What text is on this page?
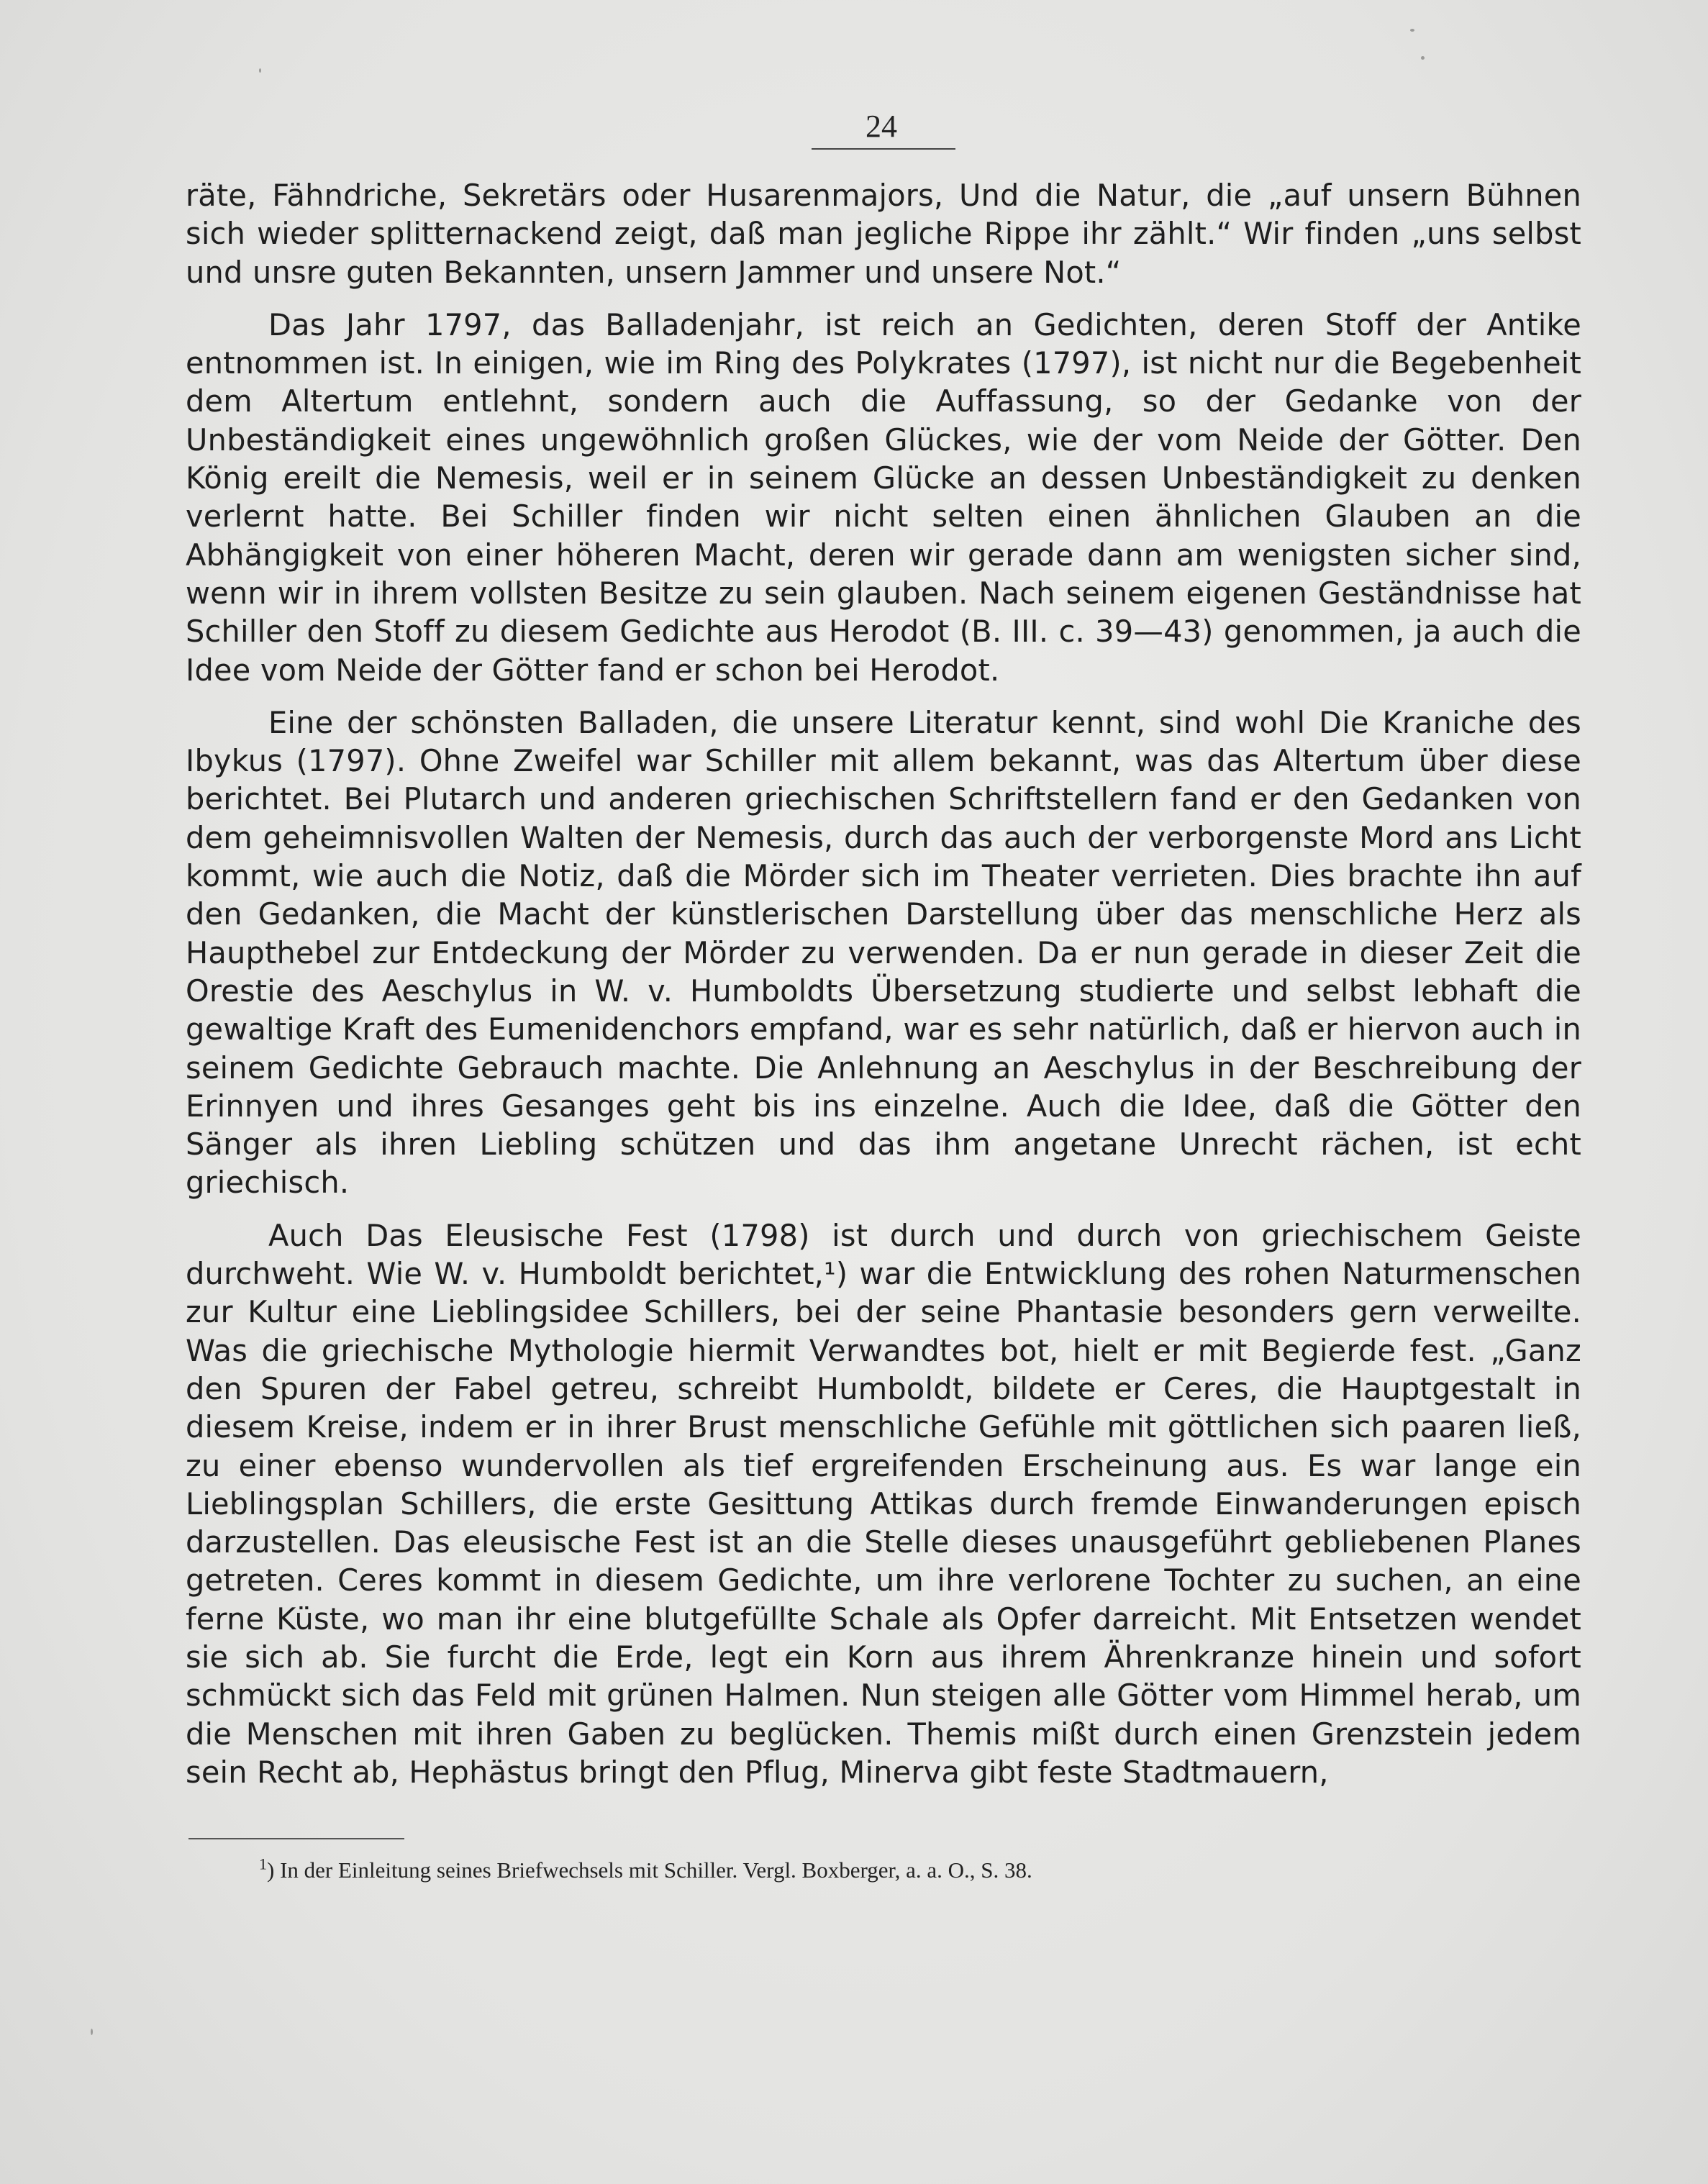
24

räte, Fähndriche, Sekretärs oder Husarenmajors, Und die Natur, die „auf unsern Bühnen sich wieder splitternackend zeigt, daß man jegliche Rippe ihr zählt.“ Wir finden „uns selbst und unsre guten Bekannten, unsern Jammer und unsere Not.“

Das Jahr 1797, das Balladenjahr, ist reich an Gedichten, deren Stoff der Antike entnommen ist. In einigen, wie im Ring des Polykrates (1797), ist nicht nur die Begebenheit dem Altertum entlehnt, sondern auch die Auffassung, so der Gedanke von der Unbeständigkeit eines ungewöhnlich großen Glückes, wie der vom Neide der Götter. Den König ereilt die Nemesis, weil er in seinem Glücke an dessen Unbeständigkeit zu denken verlernt hatte. Bei Schiller finden wir nicht selten einen ähnlichen Glauben an die Abhängigkeit von einer höheren Macht, deren wir gerade dann am wenigsten sicher sind, wenn wir in ihrem vollsten Besitze zu sein glauben. Nach seinem eigenen Geständnisse hat Schiller den Stoff zu diesem Gedichte aus Herodot (B. III. c. 39—43) genommen, ja auch die Idee vom Neide der Götter fand er schon bei Herodot.

Eine der schönsten Balladen, die unsere Literatur kennt, sind wohl Die Kraniche des Ibykus (1797). Ohne Zweifel war Schiller mit allem bekannt, was das Altertum über diese berichtet. Bei Plutarch und anderen griechischen Schriftstellern fand er den Gedanken von dem geheimnisvollen Walten der Nemesis, durch das auch der verborgenste Mord ans Licht kommt, wie auch die Notiz, daß die Mörder sich im Theater verrieten. Dies brachte ihn auf den Gedanken, die Macht der künstlerischen Darstellung über das menschliche Herz als Haupthebel zur Entdeckung der Mörder zu verwenden. Da er nun gerade in dieser Zeit die Orestie des Aeschylus in W. v. Humboldts Übersetzung studierte und selbst lebhaft die gewaltige Kraft des Eumenidenchors empfand, war es sehr natürlich, daß er hiervon auch in seinem Gedichte Gebrauch machte. Die Anlehnung an Aeschylus in der Beschreibung der Erinnyen und ihres Gesanges geht bis ins einzelne. Auch die Idee, daß die Götter den Sänger als ihren Liebling schützen und das ihm angetane Unrecht rächen, ist echt griechisch.

Auch Das Eleusische Fest (1798) ist durch und durch von griechischem Geiste durchweht. Wie W. v. Humboldt berichtet,¹) war die Entwicklung des rohen Naturmenschen zur Kultur eine Lieblingsidee Schillers, bei der seine Phantasie besonders gern verweilte. Was die griechische Mythologie hiermit Verwandtes bot, hielt er mit Begierde fest. „Ganz den Spuren der Fabel getreu, schreibt Humboldt, bildete er Ceres, die Hauptgestalt in diesem Kreise, indem er in ihrer Brust menschliche Gefühle mit göttlichen sich paaren ließ, zu einer ebenso wundervollen als tief ergreifenden Erscheinung aus. Es war lange ein Lieblingsplan Schillers, die erste Gesittung Attikas durch fremde Einwanderungen episch darzustellen. Das eleusische Fest ist an die Stelle dieses unausgeführt gebliebenen Planes getreten. Ceres kommt in diesem Gedichte, um ihre verlorene Tochter zu suchen, an eine ferne Küste, wo man ihr eine blutgefüllte Schale als Opfer darreicht. Mit Entsetzen wendet sie sich ab. Sie furcht die Erde, legt ein Korn aus ihrem Ährenkranze hinein und sofort schmückt sich das Feld mit grünen Halmen. Nun steigen alle Götter vom Himmel herab, um die Menschen mit ihren Gaben zu beglücken. Themis mißt durch einen Grenzstein jedem sein Recht ab, Hephästus bringt den Pflug, Minerva gibt feste Stadtmauern,

$^1$) In der Einleitung seines Briefwechsels mit Schiller. Vergl. Boxberger, a. a. O., S. 38.
